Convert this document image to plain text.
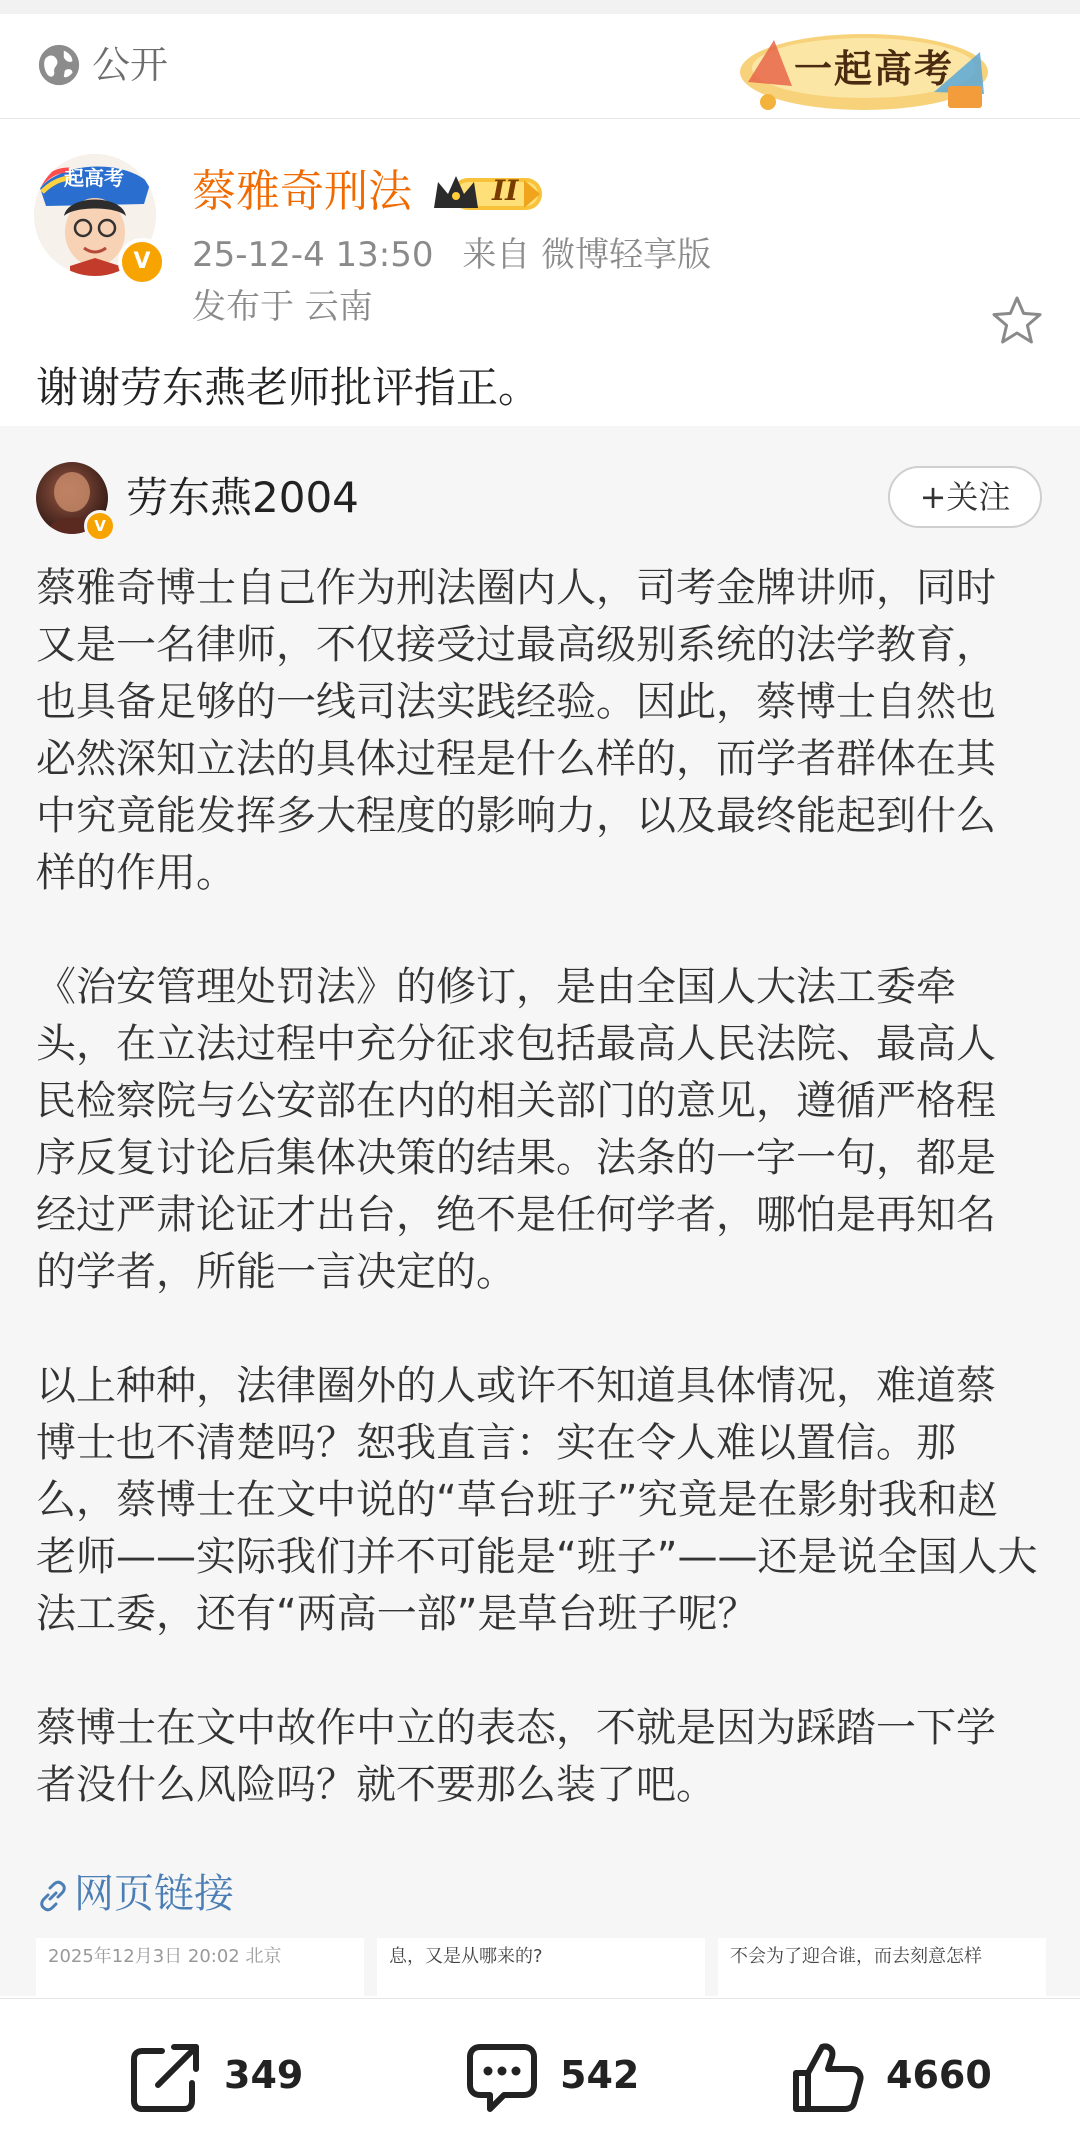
公开	一起高考
起高考
V
蔡雅奇刑法	II
25-12-4 13:50 来自 微博轻享版
发布于 云南
谢谢劳东燕老师批评指正。
V
劳东燕2004	+关注

蔡雅奇博士自己作为刑法圈内人，司考金牌讲师，同时
又是一名律师，不仅接受过最高级别系统的法学教育，
也具备足够的一线司法实践经验。因此，蔡博士自然也
必然深知立法的具体过程是什么样的，而学者群体在其
中究竟能发挥多大程度的影响力，以及最终能起到什么
样的作用。

《治安管理处罚法》的修订，是由全国人大法工委牵
头，在立法过程中充分征求包括最高人民法院、最高人
民检察院与公安部在内的相关部门的意见，遵循严格程
序反复讨论后集体决策的结果。法条的一字一句，都是
经过严肃论证才出台，绝不是任何学者，哪怕是再知名
的学者，所能一言决定的。

以上种种，法律圈外的人或许不知道具体情况，难道蔡
博士也不清楚吗？恕我直言：实在令人难以置信。那
么，蔡博士在文中说的“草台班子”究竟是在影射我和赵
老师——实际我们并不可能是“班子”——还是说全国人大
法工委，还有“两高一部”是草台班子呢？

蔡博士在文中故作中立的表态，不就是因为踩踏一下学
者没什么风险吗？就不要那么装了吧。

网页链接
2025年12月3日 20:02 北京	息，又是从哪来的?	不会为了迎合谁，而去刻意怎样
349	542	4660
